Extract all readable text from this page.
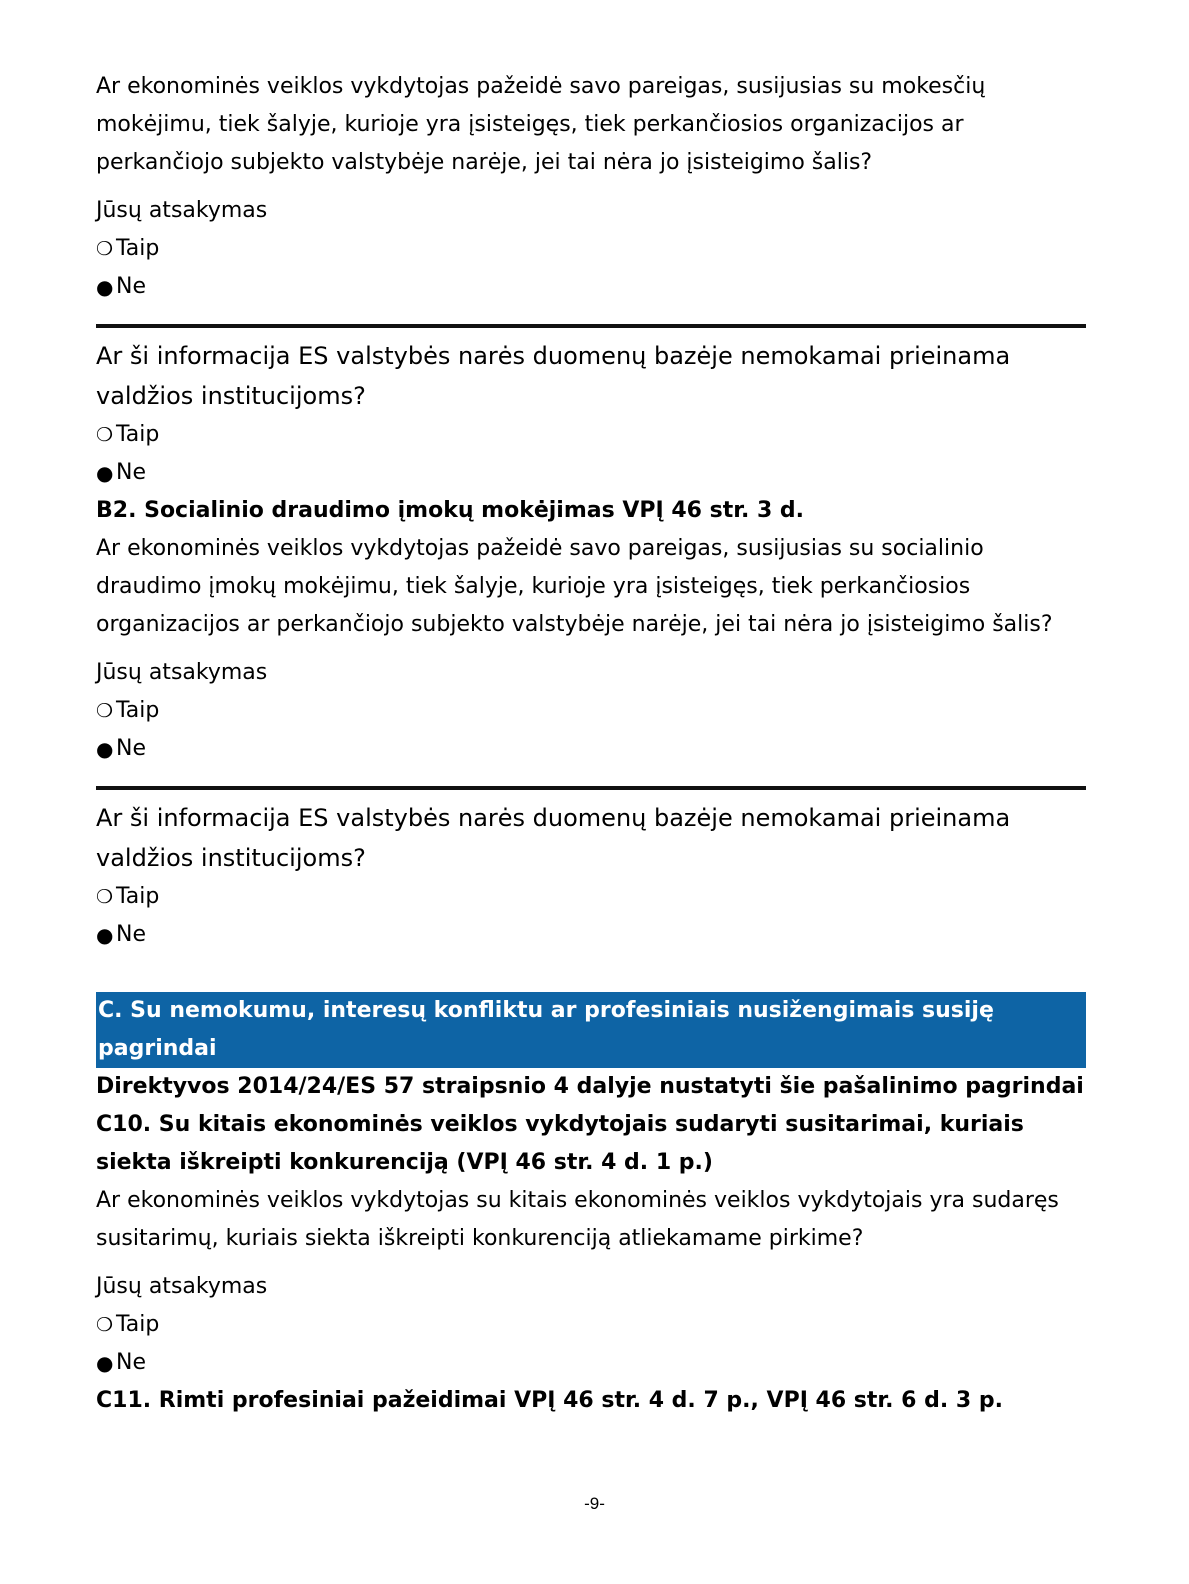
Ar ekonominės veiklos vykdytojas pažeidė savo pareigas, susijusias su mokesčių mokėjimu, tiek šalyje, kurioje yra įsisteigęs, tiek perkančiosios organizacijos ar perkančiojo subjekto valstybėje narėje, jei tai nėra jo įsisteigimo šalis?
Jūsų atsakymas
❍ Taip
● Ne
Ar ši informacija ES valstybės narės duomenų bazėje nemokamai prieinama valdžios institucijoms?
❍ Taip
● Ne
B2. Socialinio draudimo įmokų mokėjimas VPĮ 46 str. 3 d.
Ar ekonominės veiklos vykdytojas pažeidė savo pareigas, susijusias su socialinio draudimo įmokų mokėjimu, tiek šalyje, kurioje yra įsisteigęs, tiek perkančiosios organizacijos ar perkančiojo subjekto valstybėje narėje, jei tai nėra jo įsisteigimo šalis?
Jūsų atsakymas
❍ Taip
● Ne
Ar ši informacija ES valstybės narės duomenų bazėje nemokamai prieinama valdžios institucijoms?
❍ Taip
● Ne
C. Su nemokumu, interesų konfliktu ar profesiniais nusižengimais susiję pagrindai
Direktyvos 2014/24/ES 57 straipsnio 4 dalyje nustatyti šie pašalinimo pagrindai
C10. Su kitais ekonominės veiklos vykdytojais sudaryti susitarimai, kuriais siekta iškreipti konkurenciją (VPĮ 46 str. 4 d. 1 p.)
Ar ekonominės veiklos vykdytojas su kitais ekonominės veiklos vykdytojais yra sudaręs susitarimų, kuriais siekta iškreipti konkurenciją atliekamame pirkime?
Jūsų atsakymas
❍ Taip
● Ne
C11. Rimti profesiniai pažeidimai VPĮ 46 str. 4 d. 7 p., VPĮ 46 str. 6 d. 3 p.
-9-
